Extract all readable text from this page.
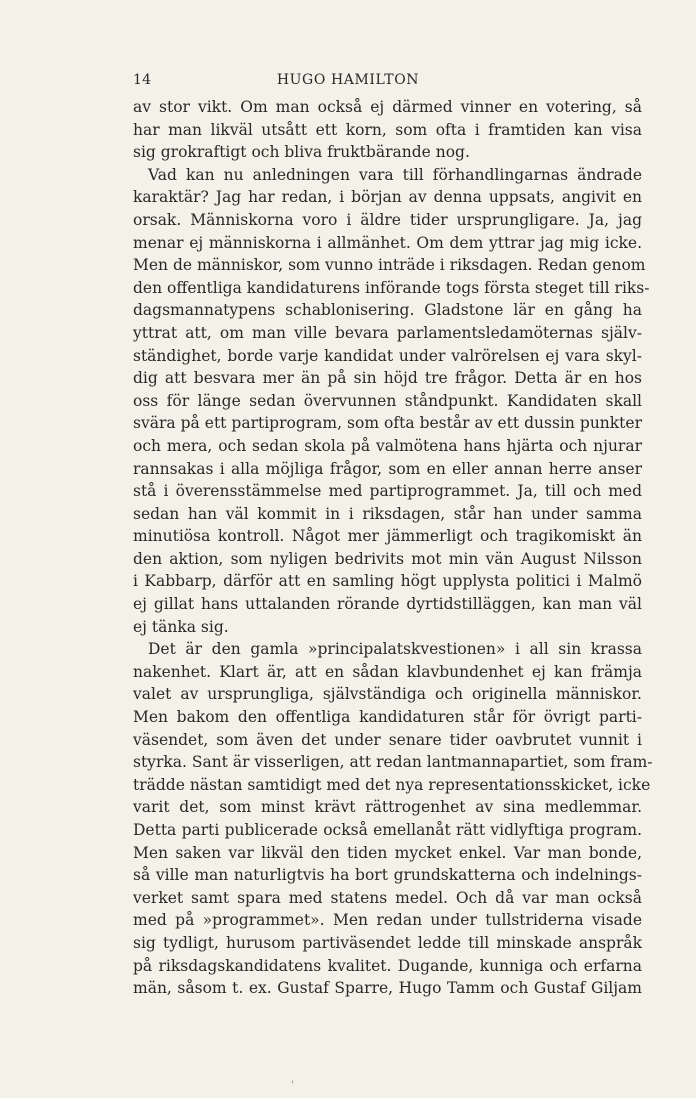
14	HUGO HAMILTON
av stor vikt. Om man också ej därmed vinner en votering, så
har man likväl utsått ett korn, som ofta i framtiden kan visa
sig grokraftigt och bliva fruktbärande nog.
Vad kan nu anledningen vara till förhandlingarnas ändrade
karaktär? Jag har redan, i början av denna uppsats, angivit en
orsak. Människorna voro i äldre tider ursprungligare. Ja, jag
menar ej människorna i allmänhet. Om dem yttrar jag mig icke.
Men de människor, som vunno inträde i riksdagen. Redan genom
den offentliga kandidaturens införande togs första steget till riks-
dagsmannatypens schablonisering. Gladstone lär en gång ha
yttrat att, om man ville bevara parlamentsledamöternas själv-
ständighet, borde varje kandidat under valrörelsen ej vara skyl-
dig att besvara mer än på sin höjd tre frågor. Detta är en hos
oss för länge sedan övervunnen ståndpunkt. Kandidaten skall
svära på ett partiprogram, som ofta består av ett dussin punkter
och mera, och sedan skola på valmötena hans hjärta och njurar
rannsakas i alla möjliga frågor, som en eller annan herre anser
stå i överensstämmelse med partiprogrammet. Ja, till och med
sedan han väl kommit in i riksdagen, står han under samma
minutiösa kontroll. Något mer jämmerligt och tragikomiskt än
den aktion, som nyligen bedrivits mot min vän August Nilsson
i Kabbarp, därför att en samling högt upplysta politici i Malmö
ej gillat hans uttalanden rörande dyrtidstilläggen, kan man väl
ej tänka sig.
Det är den gamla »principalatskvestionen» i all sin krassa
nakenhet. Klart är, att en sådan klavbundenhet ej kan främja
valet av ursprungliga, självständiga och originella människor.
Men bakom den offentliga kandidaturen står för övrigt parti-
väsendet, som även det under senare tider oavbrutet vunnit i
styrka. Sant är visserligen, att redan lantmannapartiet, som fram-
trädde nästan samtidigt med det nya representationsskicket, icke
varit det, som minst krävt rättrogenhet av sina medlemmar.
Detta parti publicerade också emellanåt rätt vidlyftiga program.
Men saken var likväl den tiden mycket enkel. Var man bonde,
så ville man naturligtvis ha bort grundskatterna och indelnings-
verket samt spara med statens medel. Och då var man också
med på »programmet». Men redan under tullstriderna visade
sig tydligt, hurusom partiväsendet ledde till minskade anspråk
på riksdagskandidatens kvalitet. Dugande, kunniga och erfarna
män, såsom t. ex. Gustaf Sparre, Hugo Tamm och Gustaf Giljam
'
